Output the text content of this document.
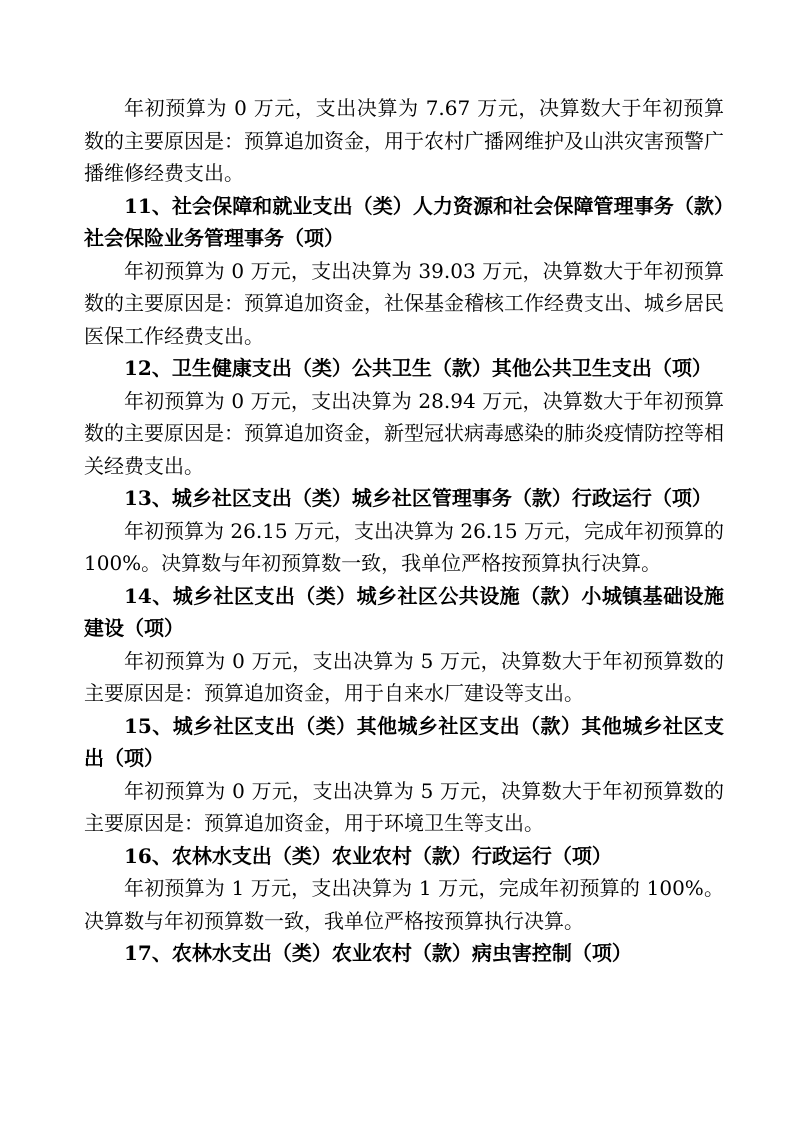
年初预算为 0 万元，支出决算为 7.67 万元，决算数大于年初预算数的主要原因是：预算追加资金，用于农村广播网维护及山洪灾害预警广播维修经费支出。

11、社会保障和就业支出（类）人力资源和社会保障管理事务（款）社会保险业务管理事务（项）

年初预算为 0 万元，支出决算为 39.03 万元，决算数大于年初预算数的主要原因是：预算追加资金，社保基金稽核工作经费支出、城乡居民医保工作经费支出。

12、卫生健康支出（类）公共卫生（款）其他公共卫生支出（项）

年初预算为 0 万元，支出决算为 28.94 万元，决算数大于年初预算数的主要原因是：预算追加资金，新型冠状病毒感染的肺炎疫情防控等相关经费支出。

13、城乡社区支出（类）城乡社区管理事务（款）行政运行（项）

年初预算为 26.15 万元，支出决算为 26.15 万元，完成年初预算的 100%。决算数与年初预算数一致，我单位严格按预算执行决算。

14、城乡社区支出（类）城乡社区公共设施（款）小城镇基础设施建设（项）

年初预算为 0 万元，支出决算为 5 万元，决算数大于年初预算数的主要原因是：预算追加资金，用于自来水厂建设等支出。

15、城乡社区支出（类）其他城乡社区支出（款）其他城乡社区支出（项）

年初预算为 0 万元，支出决算为 5 万元，决算数大于年初预算数的主要原因是：预算追加资金，用于环境卫生等支出。

16、农林水支出（类）农业农村（款）行政运行（项）

年初预算为 1 万元，支出决算为 1 万元，完成年初预算的 100%。决算数与年初预算数一致，我单位严格按预算执行决算。

17、农林水支出（类）农业农村（款）病虫害控制（项）
